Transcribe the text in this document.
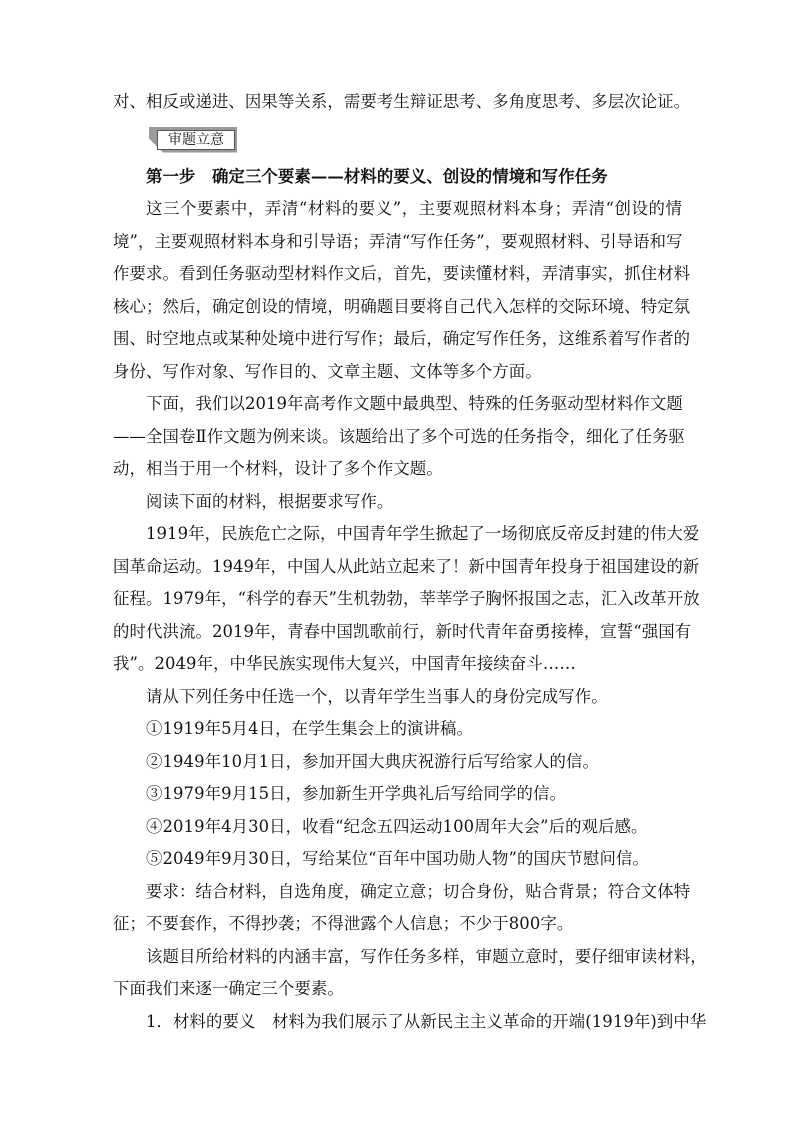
对、相反或递进、因果等关系，需要考生辩证思考、多角度思考、多层次论证。
审题立意
第一步　确定三个要素——材料的要义、创设的情境和写作任务
这三个要素中，弄清“材料的要义”，主要观照材料本身；弄清“创设的情
境”，主要观照材料本身和引导语；弄清“写作任务”，要观照材料、引导语和写
作要求。看到任务驱动型材料作文后，首先，要读懂材料，弄清事实，抓住材料
核心；然后，确定创设的情境，明确题目要将自己代入怎样的交际环境、特定氛
围、时空地点或某种处境中进行写作；最后，确定写作任务，这维系着写作者的
身份、写作对象、写作目的、文章主题、文体等多个方面。
下面，我们以2019年高考作文题中最典型、特殊的任务驱动型材料作文题
——全国卷Ⅱ作文题为例来谈。该题给出了多个可选的任务指令，细化了任务驱
动，相当于用一个材料，设计了多个作文题。
阅读下面的材料，根据要求写作。
1919年，民族危亡之际，中国青年学生掀起了一场彻底反帝反封建的伟大爱
国革命运动。1949年，中国人从此站立起来了！新中国青年投身于祖国建设的新
征程。1979年，“科学的春天”生机勃勃，莘莘学子胸怀报国之志，汇入改革开放
的时代洪流。2019年，青春中国凯歌前行，新时代青年奋勇接棒，宣誓“强国有
我”。2049年，中华民族实现伟大复兴，中国青年接续奋斗……
请从下列任务中任选一个，以青年学生当事人的身份完成写作。
①1919年5月4日，在学生集会上的演讲稿。
②1949年10月1日，参加开国大典庆祝游行后写给家人的信。
③1979年9月15日，参加新生开学典礼后写给同学的信。
④2019年4月30日，收看“纪念五四运动100周年大会”后的观后感。
⑤2049年9月30日，写给某位“百年中国功勋人物”的国庆节慰问信。
要求：结合材料，自选角度，确定立意；切合身份，贴合背景；符合文体特
征；不要套作，不得抄袭；不得泄露个人信息；不少于800字。
该题目所给材料的内涵丰富，写作任务多样，审题立意时，要仔细审读材料，
下面我们来逐一确定三个要素。
1．材料的要义　材料为我们展示了从新民主主义革命的开端(1919年)到中华
